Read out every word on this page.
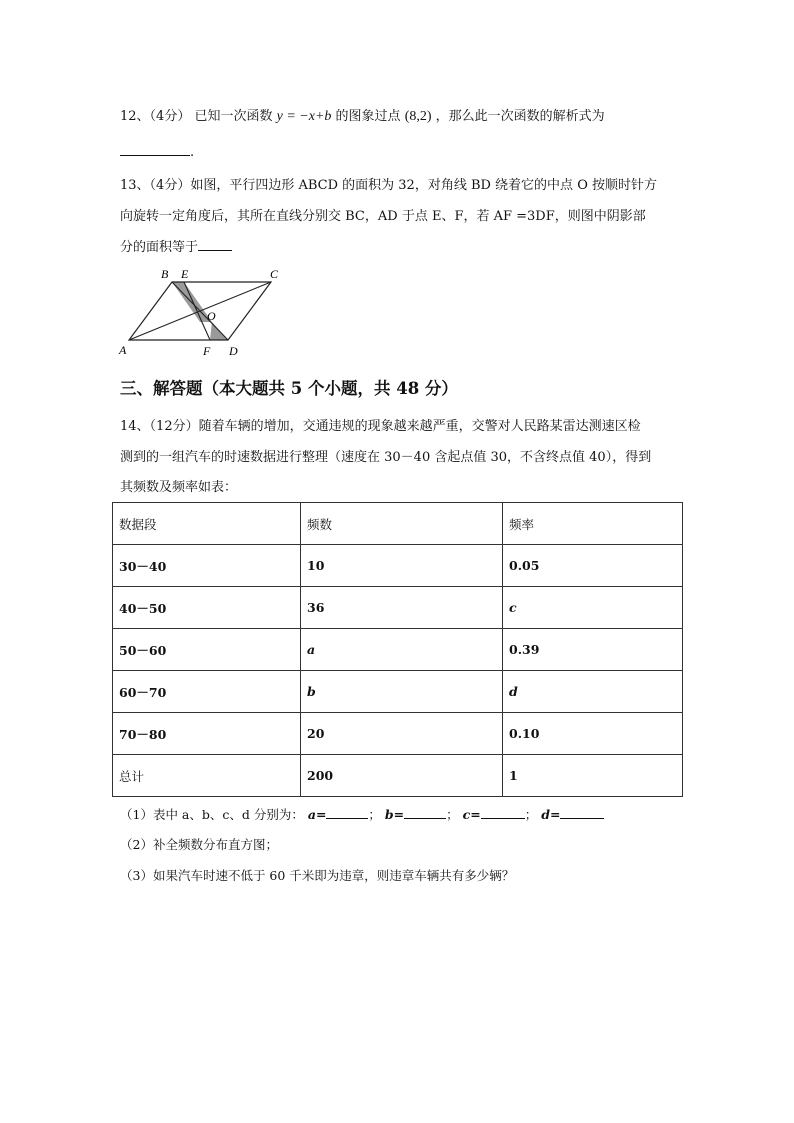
12、（4分） 已知一次函数 y = −x+b 的图象过点 (8,2) ，那么此一次函数的解析式为
.
13、（4分）如图，平行四边形 ABCD 的面积为 32，对角线 BD 绕着它的中点 O 按顺时针方
向旋转一定角度后，其所在直线分别交 BC，AD 于点 E、F，若 AF =3DF，则图中阴影部
分的面积等于
B E	C
O
A	F D
三、解答题（本大题共 5 个小题，共 48 分）
14、（12分）随着车辆的增加，交通违规的现象越来越严重，交警对人民路某雷达测速区检
测到的一组汽车的时速数据进行整理（速度在 30－40 含起点值 30，不含终点值 40），得到
其频数及频率如表：
数据段	频数	频率
30－40	10	0.05
40－50	36	c
50－60	a	0.39
60－70	b	d
70－80	20	0.10
总计	200	1
（1）表中 a、b、c、d 分别为： a=	； b=	； c=	； d=
（2）补全频数分布直方图；
（3）如果汽车时速不低于 60 千米即为违章，则违章车辆共有多少辆？
